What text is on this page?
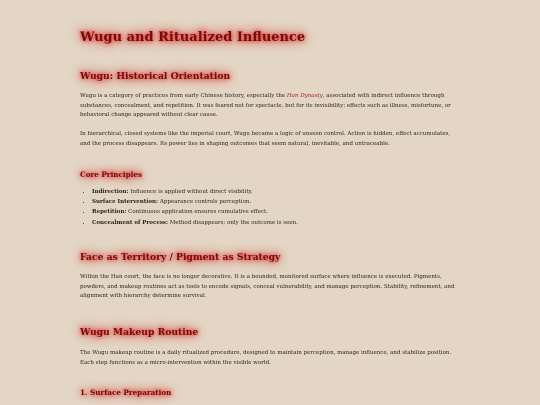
Wugu and Ritualized Influence
Wugu: Historical Orientation

Wugu is a category of practices from early Chinese history, especially the Han Dynasty, associated with indirect influence through substances, concealment, and repetition. It was feared not for spectacle, but for its invisibility: effects such as illness, misfortune, or behavioral change appeared without clear cause.

In hierarchical, closed systems like the imperial court, Wugu became a logic of unseen control. Action is hidden, effect accumulates, and the process disappears. Its power lies in shaping outcomes that seem natural, inevitable, and untraceable.

Core Principles
• Indirection: Influence is applied without direct visibility.
• Surface Intervention: Appearance controls perception.
• Repetition: Continuous application ensures cumulative effect.
• Concealment of Process: Method disappears; only the outcome is seen.
Face as Territory / Pigment as Strategy

Within the Han court, the face is no longer decorative. It is a bounded, monitored surface where influence is executed. Pigments, powders, and makeup routines act as tools to encode signals, conceal vulnerability, and manage perception. Stability, refinement, and alignment with hierarchy determine survival.

Wugu Makeup Routine

The Wugu makeup routine is a daily ritualized procedure, designed to maintain perception, manage influence, and stabilize position. Each step functions as a micro-intervention within the visible world.

1. Surface Preparation
